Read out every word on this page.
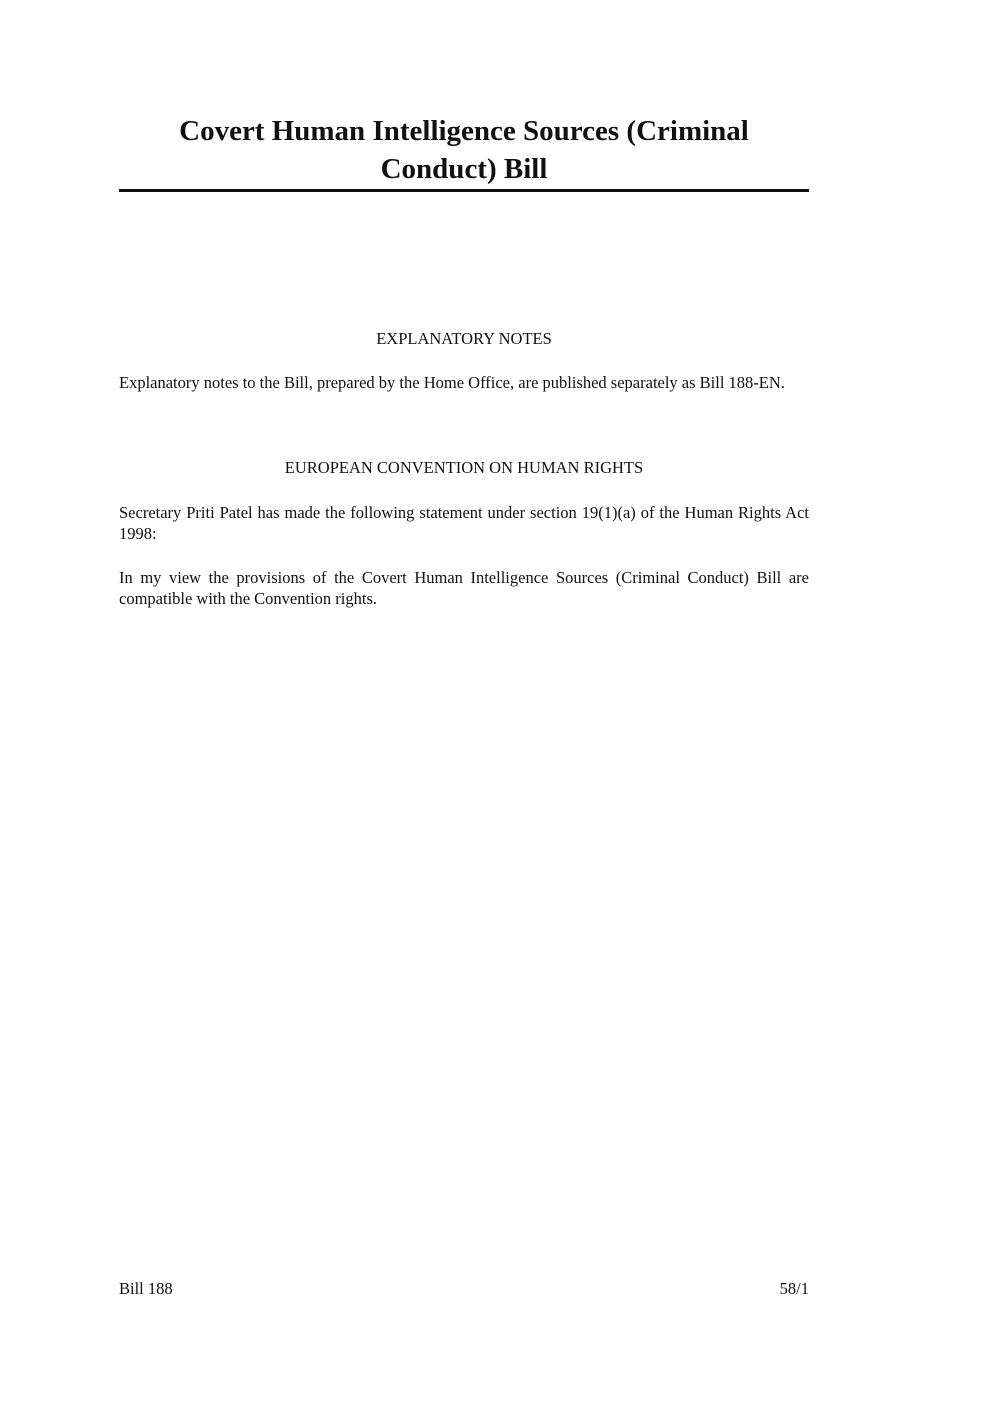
Covert Human Intelligence Sources (Criminal Conduct) Bill
EXPLANATORY NOTES

Explanatory notes to the Bill, prepared by the Home Office, are published separately as Bill 188-EN.

EUROPEAN CONVENTION ON HUMAN RIGHTS

Secretary Priti Patel has made the following statement under section 19(1)(a) of the Human Rights Act 1998:

In my view the provisions of the Covert Human Intelligence Sources (Criminal Conduct) Bill are compatible with the Convention rights.

Bill 188	58/1
